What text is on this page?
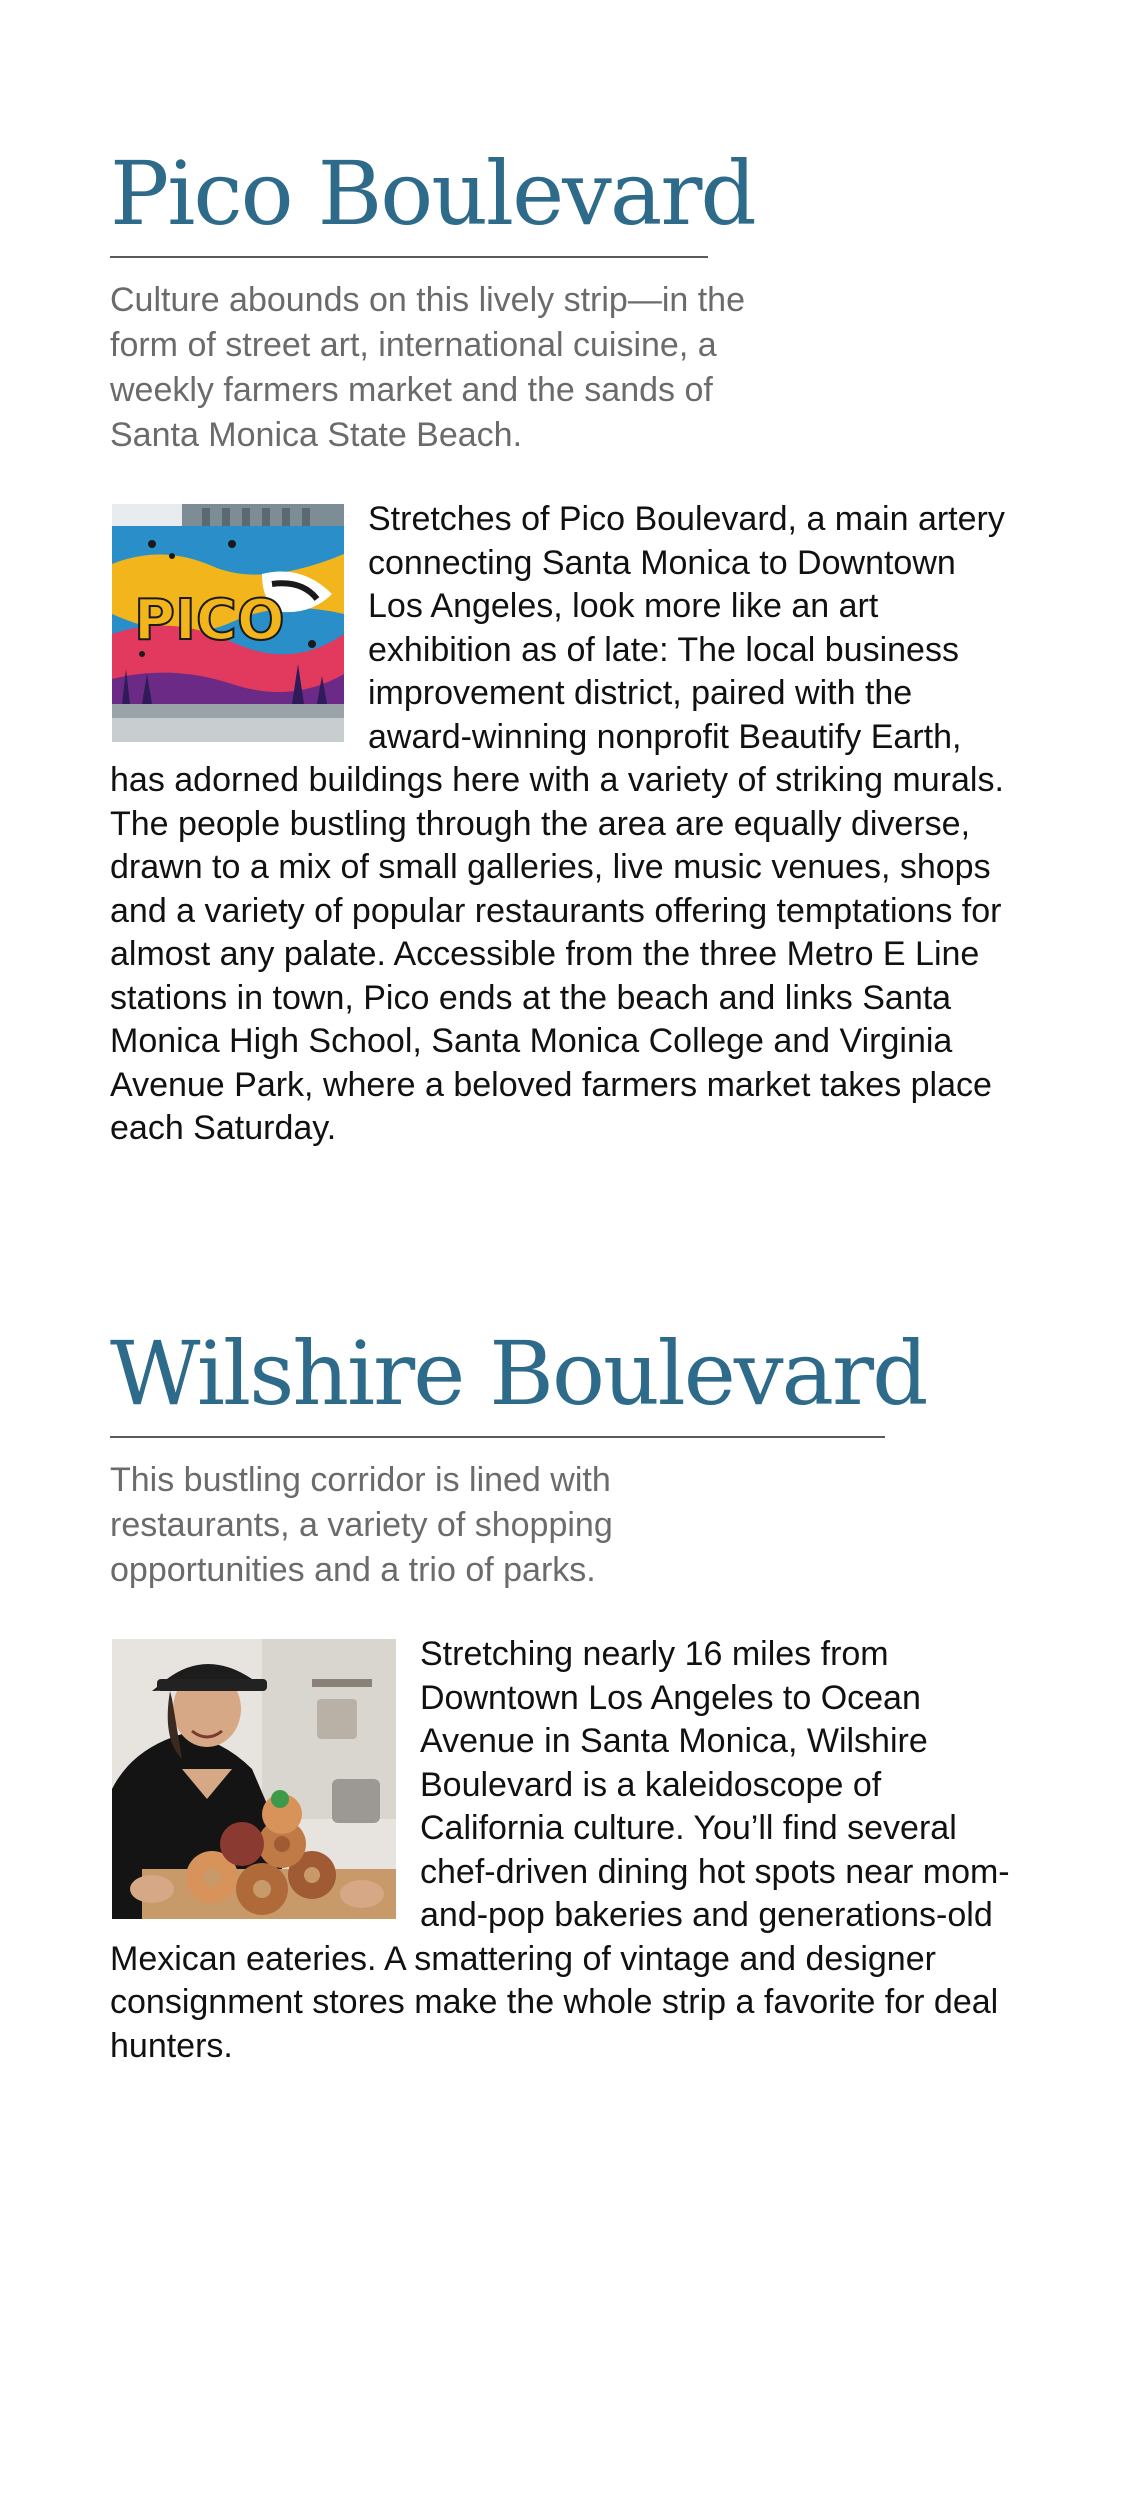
Pico Boulevard

Culture abounds on this lively strip—in the form of street art, international cuisine, a weekly farmers market and the sands of Santa Monica State Beach.

PICO

Stretches of Pico Boulevard, a main artery connecting Santa Monica to Downtown Los Angeles, look more like an art exhibition as of late: The local business improvement district, paired with the award-winning nonprofit Beautify Earth, has adorned buildings here with a variety of striking murals. The people bustling through the area are equally diverse, drawn to a mix of small galleries, live music venues, shops and a variety of popular restaurants offering temptations for almost any palate. Accessible from the three Metro E Line stations in town, Pico ends at the beach and links Santa Monica High School, Santa Monica College and Virginia Avenue Park, where a beloved farmers market takes place each Saturday.

Wilshire Boulevard

This bustling corridor is lined with restaurants, a variety of shopping opportunities and a trio of parks.

Stretching nearly 16 miles from Downtown Los Angeles to Ocean Avenue in Santa Monica, Wilshire Boulevard is a kaleidoscope of California culture. You’ll find several chef-driven dining hot spots near mom-and-pop bakeries and generations-old Mexican eateries. A smattering of vintage and designer consignment stores make the whole strip a favorite for deal hunters.
